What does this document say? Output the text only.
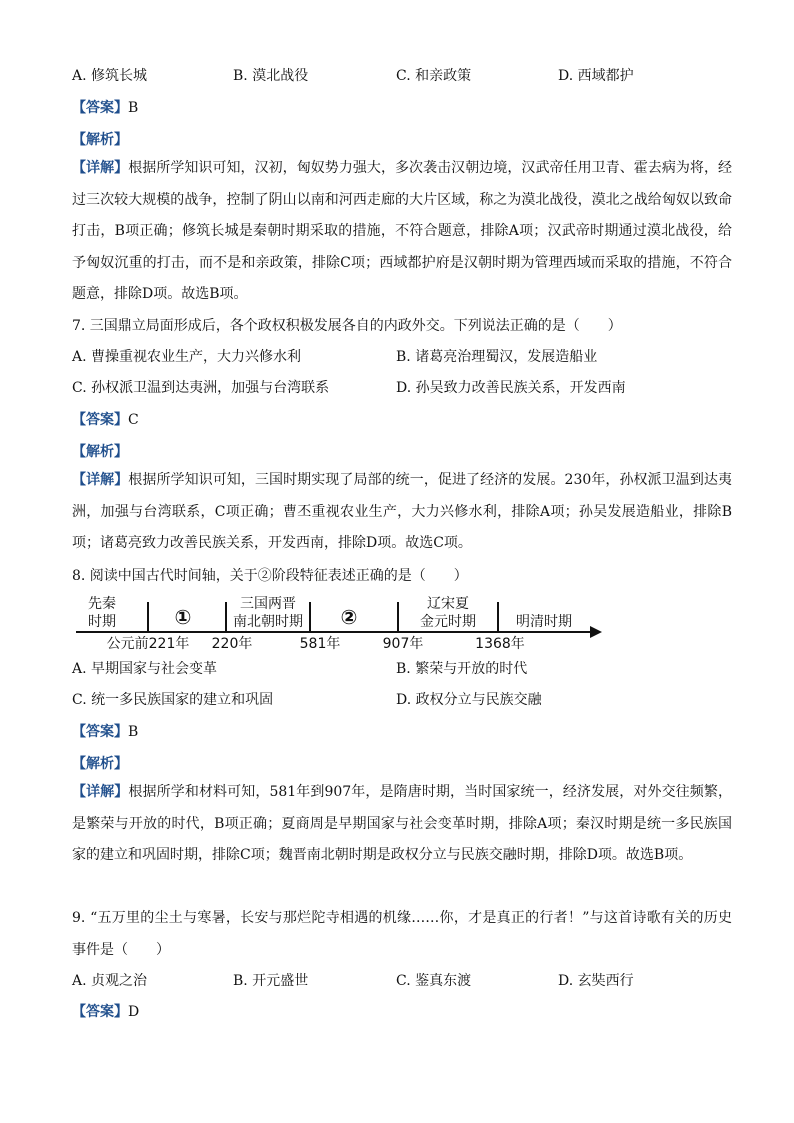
A. 修筑长城	B. 漠北战役	C. 和亲政策	D. 西域都护
【答案】B
【解析】
【详解】根据所学知识可知，汉初，匈奴势力强大，多次袭击汉朝边境，汉武帝任用卫青、霍去病为将，经过三次较大规模的战争，控制了阴山以南和河西走廊的大片区域，称之为漠北战役，漠北之战给匈奴以致命打击，B项正确；修筑长城是秦朝时期采取的措施，不符合题意，排除A项；汉武帝时期通过漠北战役，给予匈奴沉重的打击，而不是和亲政策，排除C项；西域都护府是汉朝时期为管理西域而采取的措施，不符合题意，排除D项。故选B项。
7. 三国鼎立局面形成后，各个政权积极发展各自的内政外交。下列说法正确的是（　　）
A. 曹操重视农业生产，大力兴修水利	B. 诸葛亮治理蜀汉，发展造船业
C. 孙权派卫温到达夷洲，加强与台湾联系	D. 孙吴致力改善民族关系，开发西南
【答案】C
【解析】
【详解】根据所学知识可知，三国时期实现了局部的统一，促进了经济的发展。230年，孙权派卫温到达夷洲，加强与台湾联系，C项正确；曹丕重视农业生产，大力兴修水利，排除A项；孙吴发展造船业，排除B项；诸葛亮致力改善民族关系，开发西南，排除D项。故选C项。
8. 阅读中国古代时间轴，关于②阶段特征表述正确的是（　　）
先秦
时期	①
三国两晋
南北朝时期 ②
辽宋夏
金元时期	明清时期
公元前221年 220年	581年	907年	1368年
A. 早期国家与社会变革	B. 繁荣与开放的时代
C. 统一多民族国家的建立和巩固	D. 政权分立与民族交融
【答案】B
【解析】
【详解】根据所学和材料可知，581年到907年，是隋唐时期，当时国家统一，经济发展，对外交往频繁，是繁荣与开放的时代，B项正确；夏商周是早期国家与社会变革时期，排除A项；秦汉时期是统一多民族国家的建立和巩固时期，排除C项；魏晋南北朝时期是政权分立与民族交融时期，排除D项。故选B项。
9. “五万里的尘土与寒暑，长安与那烂陀寺相遇的机缘……你，才是真正的行者！”与这首诗歌有关的历史事件是（　　）
A. 贞观之治	B. 开元盛世	C. 鉴真东渡	D. 玄奘西行
【答案】D
